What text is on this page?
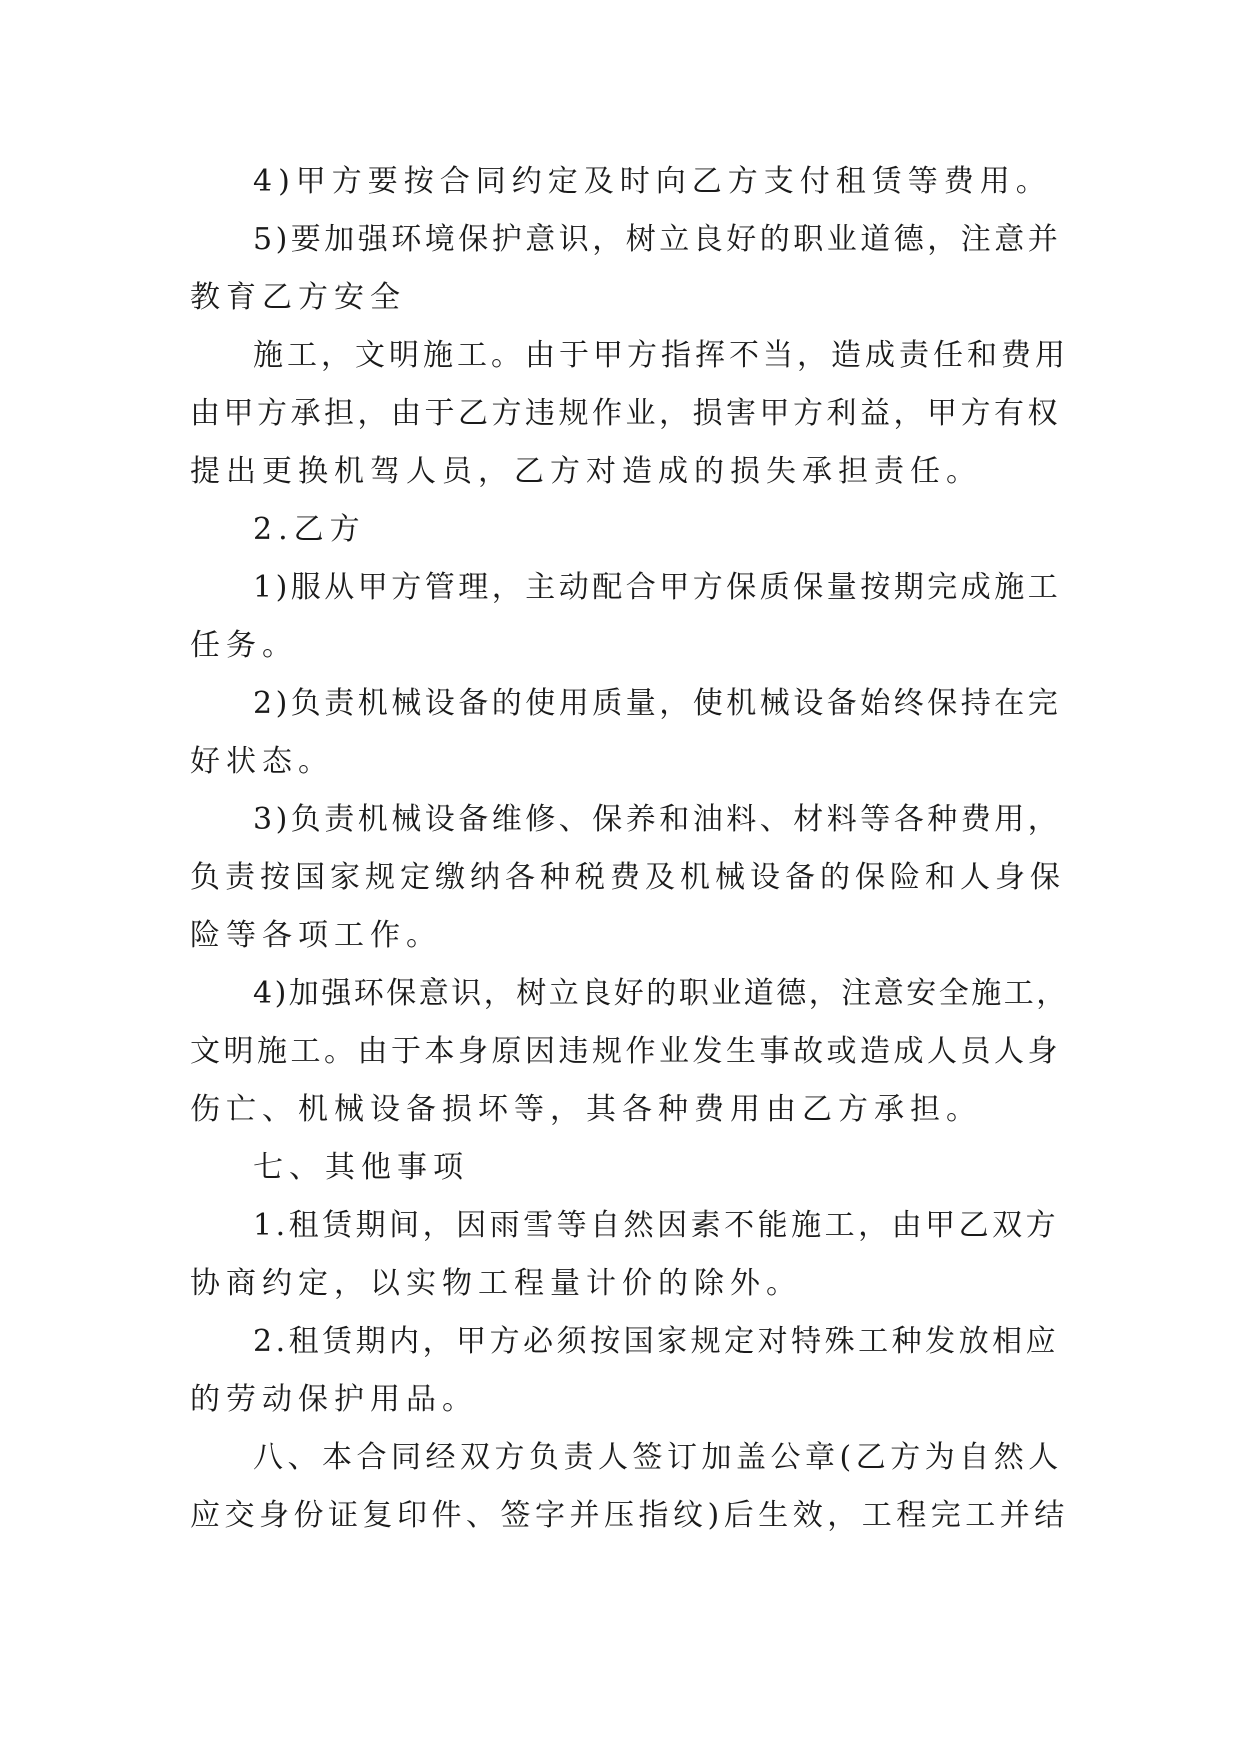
4)甲方要按合同约定及时向乙方支付租赁等费用。
5)要加强环境保护意识，树立良好的职业道德，注意并
教育乙方安全
施工，文明施工。由于甲方指挥不当，造成责任和费用
由甲方承担，由于乙方违规作业，损害甲方利益，甲方有权
提出更换机驾人员，乙方对造成的损失承担责任。
2.乙方
1)服从甲方管理，主动配合甲方保质保量按期完成施工
任务。
2)负责机械设备的使用质量，使机械设备始终保持在完
好状态。
3)负责机械设备维修、保养和油料、材料等各种费用，
负责按国家规定缴纳各种税费及机械设备的保险和人身保
险等各项工作。
4)加强环保意识，树立良好的职业道德，注意安全施工，
文明施工。由于本身原因违规作业发生事故或造成人员人身
伤亡、机械设备损坏等，其各种费用由乙方承担。
七、其他事项
1.租赁期间，因雨雪等自然因素不能施工，由甲乙双方
协商约定，以实物工程量计价的除外。
2.租赁期内，甲方必须按国家规定对特殊工种发放相应
的劳动保护用品。
八、本合同经双方负责人签订加盖公章(乙方为自然人
应交身份证复印件、签字并压指纹)后生效，工程完工并结
